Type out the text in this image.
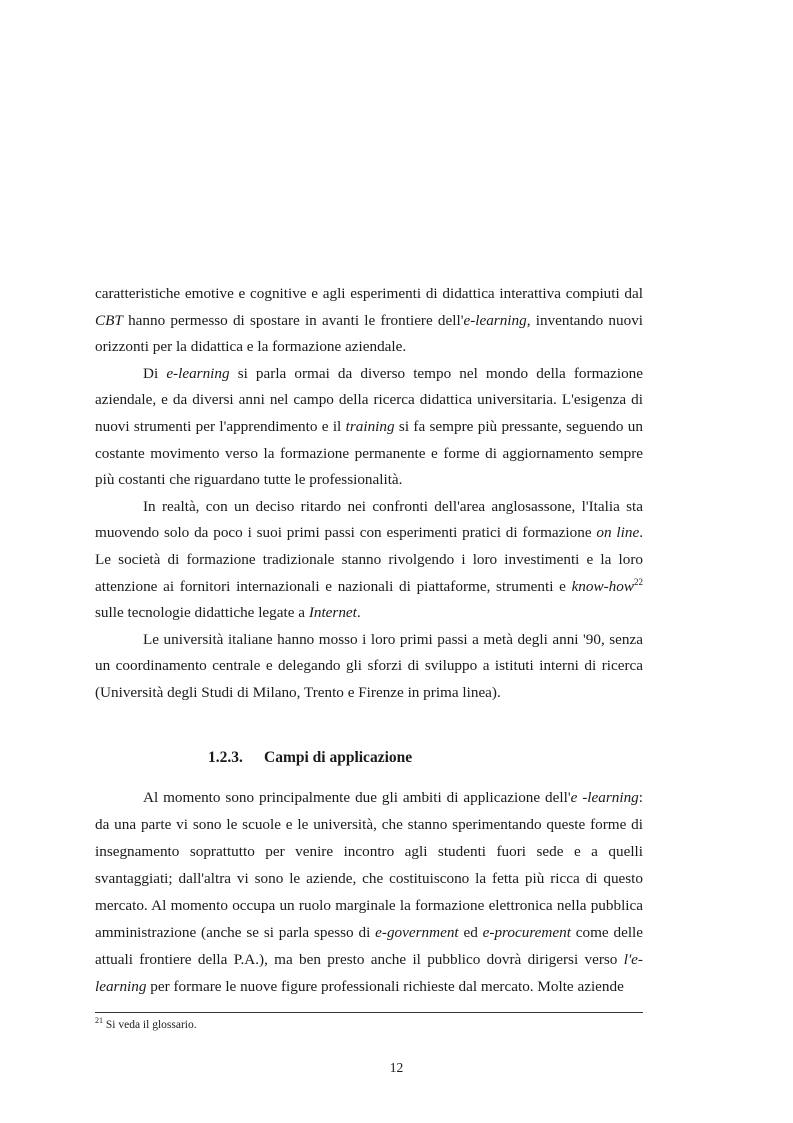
caratteristiche emotive e cognitive e agli esperimenti di didattica interattiva compiuti dal CBT hanno permesso di spostare in avanti le frontiere dell'e-learning, inventando nuovi orizzonti per la didattica e la formazione aziendale.

Di e-learning si parla ormai da diverso tempo nel mondo della formazione aziendale, e da diversi anni nel campo della ricerca didattica universitaria. L'esigenza di nuovi strumenti per l'apprendimento e il training si fa sempre più pressante, seguendo un costante movimento verso la formazione permanente e forme di aggiornamento sempre più costanti che riguardano tutte le professionalità.

In realtà, con un deciso ritardo nei confronti dell'area anglosassone, l'Italia sta muovendo solo da poco i suoi primi passi con esperimenti pratici di formazione on line. Le società di formazione tradizionale stanno rivolgendo i loro investimenti e la loro attenzione ai fornitori internazionali e nazionali di piattaforme, strumenti e know-how$^{22}$ sulle tecnologie didattiche legate a Internet.

Le università italiane hanno mosso i loro primi passi a metà degli anni '90, senza un coordinamento centrale e delegando gli sforzi di sviluppo a istituti interni di ricerca (Università degli Studi di Milano, Trento e Firenze in prima linea).

1.2.3. Campi di applicazione

Al momento sono principalmente due gli ambiti di applicazione dell'e -learning: da una parte vi sono le scuole e le università, che stanno sperimentando queste forme di insegnamento soprattutto per venire incontro agli studenti fuori sede e a quelli svantaggiati; dall'altra vi sono le aziende, che costituiscono la fetta più ricca di questo mercato. Al momento occupa un ruolo marginale la formazione elettronica nella pubblica amministrazione (anche se si parla spesso di e-government ed e-procurement come delle attuali frontiere della P.A.), ma ben presto anche il pubblico dovrà dirigersi verso l'e-learning per formare le nuove figure professionali richieste dal mercato. Molte aziende

$^{21}$ Si veda il glossario.
12
